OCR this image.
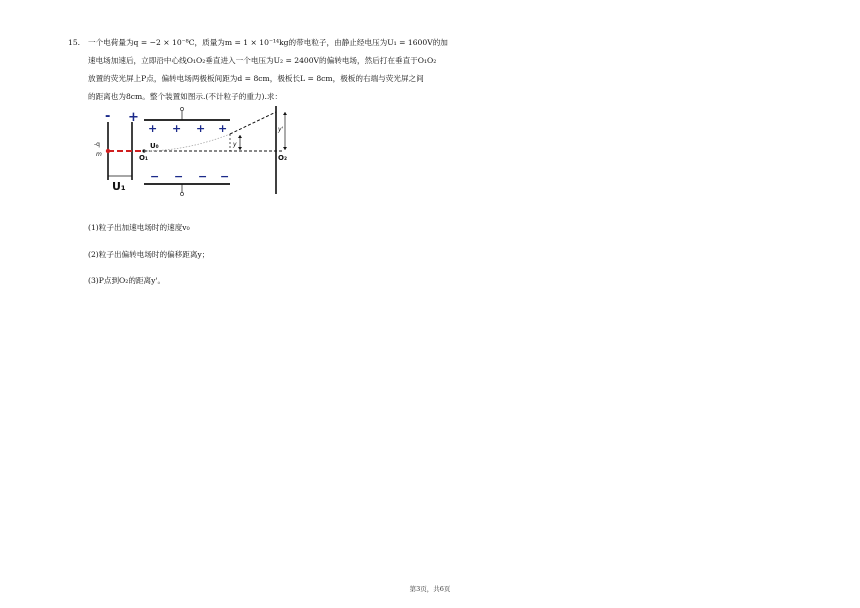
15. 一个电荷量为q = −2 × 10⁻⁸C，质量为m = 1 × 10⁻¹⁴kg的带电粒子，由静止经电压为U₁ = 1600V的加
速电场加速后，立即沿中心线O₁O₂垂直进入一个电压为U₂ = 2400V的偏转电场，然后打在垂直于O₁O₂
放置的荧光屏上P点，偏转电场两极板间距为d = 8cm，极板长L = 8cm，极板的右端与荧光屏之间
的距离也为8cm。整个装置如图示.(不计粒子的重力).求：
- +
-q
m
U₁
+ + + +
− − − −
O₁
U₀	y
y'
O₂
(1)粒子出加速电场时的速度v₀
(2)粒子出偏转电场时的偏移距离y；
(3)P点到O₂的距离y'。
第3页，共6页
